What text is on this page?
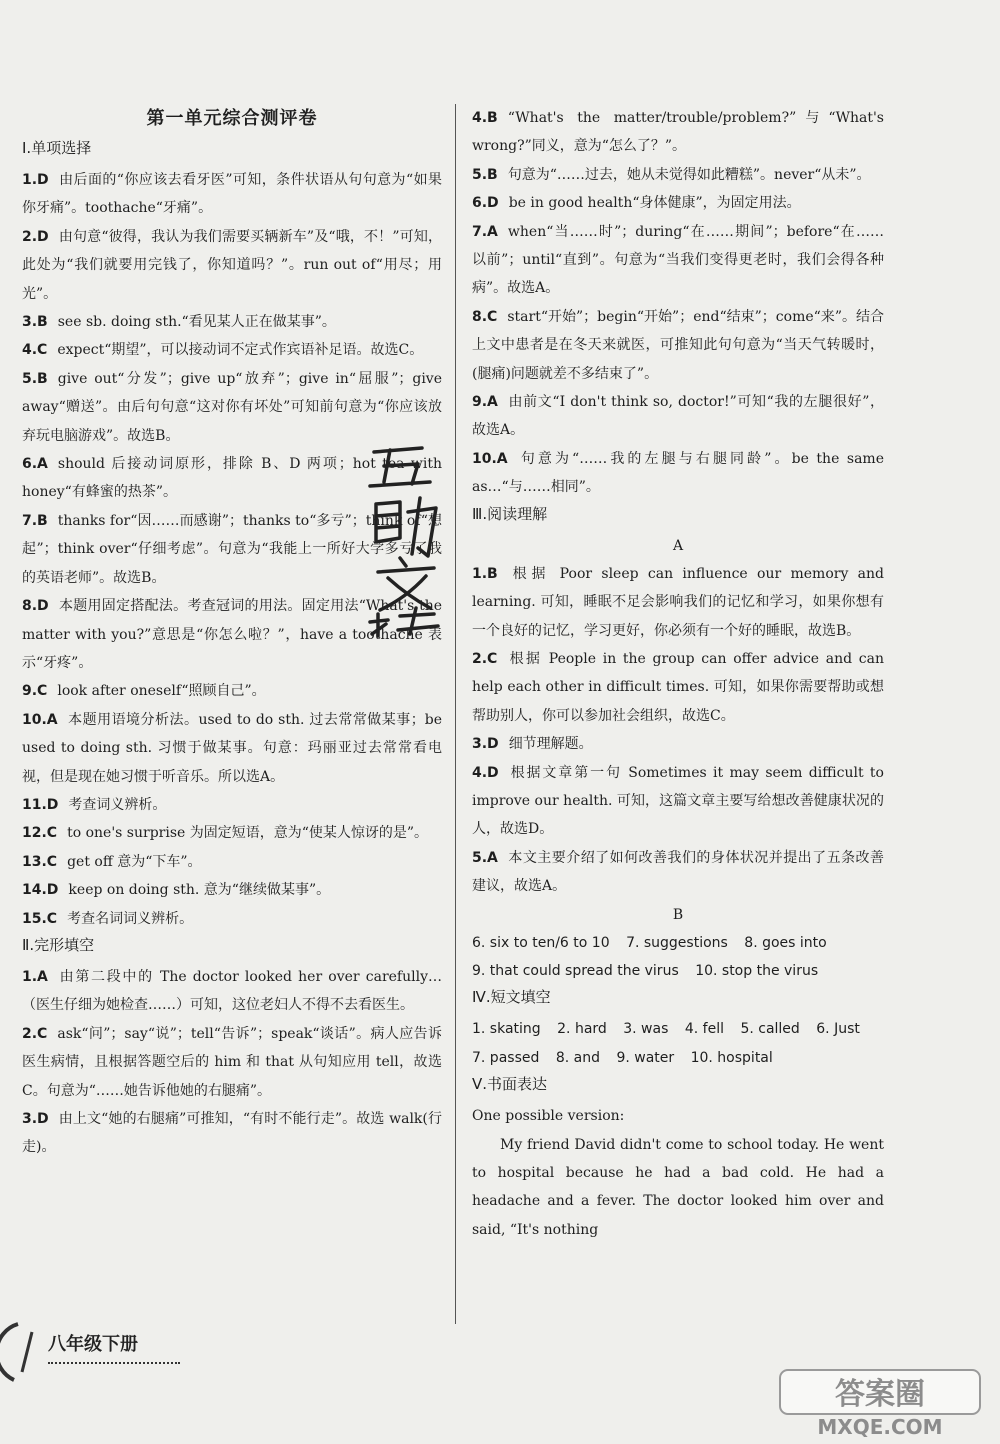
第一单元综合测评卷
Ⅰ.单项选择

1.D 由后面的“你应该去看牙医”可知，条件状语从句句意为“如果你牙痛”。toothache“牙痛”。

2.D 由句意“彼得，我认为我们需要买辆新车”及“哦，不！”可知，此处为“我们就要用完钱了，你知道吗？”。run out of“用尽；用光”。

3.B see sb. doing sth.“看见某人正在做某事”。

4.C expect“期望”，可以接动词不定式作宾语补足语。故选C。

5.B give out“分发”；give up“放弃”；give in“屈服”；give away“赠送”。由后句句意“这对你有坏处”可知前句意为“你应该放弃玩电脑游戏”。故选B。

6.A should 后接动词原形，排除 B、D 两项；hot tea with honey“有蜂蜜的热茶”。

7.B thanks for“因……而感谢”；thanks to“多亏”；think of“想起”；think over“仔细考虑”。句意为“我能上一所好大学多亏了我的英语老师”。故选B。

8.D 本题用固定搭配法。考查冠词的用法。固定用法“What's the matter with you?”意思是“你怎么啦？”，have a toothache 表示“牙疼”。

9.C look after oneself“照顾自己”。

10.A 本题用语境分析法。used to do sth. 过去常常做某事；be used to doing sth. 习惯于做某事。句意：玛丽亚过去常常看电视，但是现在她习惯于听音乐。所以选A。

11.D 考查词义辨析。

12.C to one's surprise 为固定短语，意为“使某人惊讶的是”。

13.C get off 意为“下车”。

14.D keep on doing sth. 意为“继续做某事”。

15.C 考查名词词义辨析。

Ⅱ.完形填空

1.A 由第二段中的 The doctor looked her over carefully…（医生仔细为她检查……）可知，这位老妇人不得不去看医生。

2.C ask“问”；say“说”；tell“告诉”；speak“谈话”。病人应告诉医生病情，且根据答题空后的 him 和 that 从句知应用 tell，故选 C。句意为“……她告诉他她的右腿痛”。

3.D 由上文“她的右腿痛”可推知，“有时不能行走”。故选 walk(行走)。

4.B “What's the matter/trouble/problem?”与“What's wrong?”同义，意为“怎么了？”。

5.B 句意为“……过去，她从未觉得如此糟糕”。never“从未”。

6.D be in good health“身体健康”，为固定用法。

7.A when“当……时”；during“在……期间”；before“在……以前”；until“直到”。句意为“当我们变得更老时，我们会得各种病”。故选A。

8.C start“开始”；begin“开始”；end“结束”；come“来”。结合上文中患者是在冬天来就医，可推知此句句意为“当天气转暖时，(腿痛)问题就差不多结束了”。

9.A 由前文“I don't think so, doctor!”可知“我的左腿很好”，故选A。

10.A 句意为“……我的左腿与右腿同龄”。be the same as…“与……相同”。

Ⅲ.阅读理解
A

1.B 根据 Poor sleep can influence our memory and learning. 可知，睡眠不足会影响我们的记忆和学习，如果你想有一个良好的记忆，学习更好，你必须有一个好的睡眠，故选B。

2.C 根据 People in the group can offer advice and can help each other in difficult times. 可知，如果你需要帮助或想帮助别人，你可以参加社会组织，故选C。

3.D 细节理解题。

4.D 根据文章第一句 Sometimes it may seem difficult to improve our health. 可知，这篇文章主要写给想改善健康状况的人，故选D。

5.A 本文主要介绍了如何改善我们的身体状况并提出了五条改善建议，故选A。

B
6. six to ten/6 to 10 7. suggestions 8. goes into
9. that could spread the virus 10. stop the virus
Ⅳ.短文填空
1. skating 2. hard 3. was 4. fell 5. called 6. Just
7. passed 8. and 9. water 10. hospital
Ⅴ.书面表达
One possible version:
My friend David didn't come to school today. He went to hospital because he had a bad cold. He had a headache and a fever. The doctor looked him over and said, “It's nothing
八年级下册
答案圈
MXQE.COM
